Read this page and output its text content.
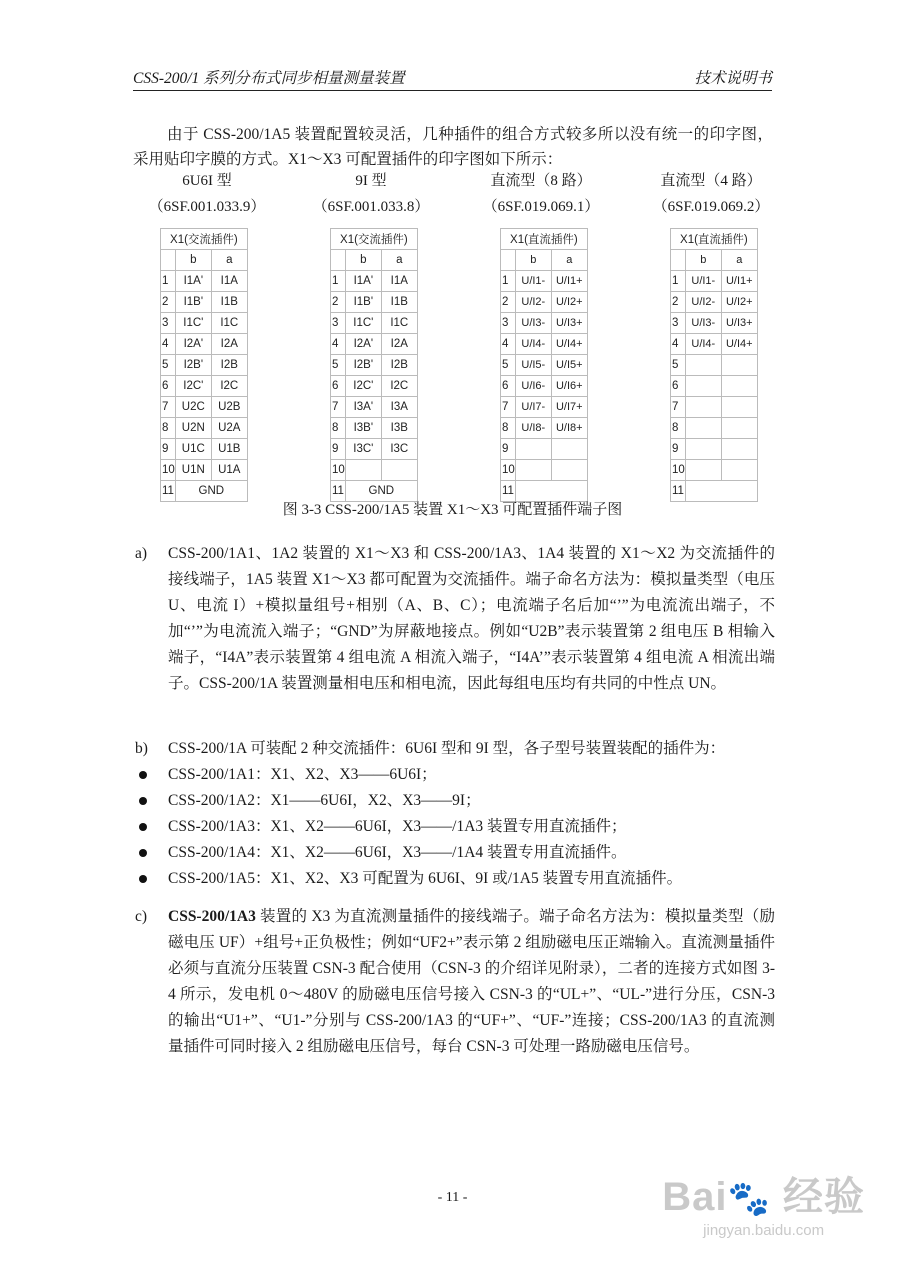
CSS-200/1 系列分布式同步相量测量装置	技术说明书
由于 CSS-200/1A5 装置配置较灵活，几种插件的组合方式较多所以没有统一的印字图，采用贴印字膜的方式。X1～X3 可配置插件的印字图如下所示：
6U6I 型
（6SF.001.033.9）
9I 型
（6SF.001.033.8）
直流型（8 路）
（6SF.019.069.1）
直流型（4 路）
（6SF.019.069.2）
X1(交流插件)		
	b	a
1	I1A'	I1A
2	I1B'	I1B
3	I1C'	I1C
4	I2A'	I2A
5	I2B'	I2B
6	I2C'	I2C
7	U2C	U2B
8	U2N	U2A
9	U1C	U1B
10	U1N	U1A
11	GND	
X1(交流插件)		
	b	a
1	I1A'	I1A
2	I1B'	I1B
3	I1C'	I1C
4	I2A'	I2A
5	I2B'	I2B
6	I2C'	I2C
7	I3A'	I3A
8	I3B'	I3B
9	I3C'	I3C
10		
11	GND	
X1(直流插件)		
	b	a
1	U/I1-	U/I1+
2	U/I2-	U/I2+
3	U/I3-	U/I3+
4	U/I4-	U/I4+
5	U/I5-	U/I5+
6	U/I6-	U/I6+
7	U/I7-	U/I7+
8	U/I8-	U/I8+
9		
10		
11		
X1(直流插件)		
	b	a
1	U/I1-	U/I1+
2	U/I2-	U/I2+
3	U/I3-	U/I3+
4	U/I4-	U/I4+
5		
6		
7		
8		
9		
10		
11		
图 3-3 CSS-200/1A5 装置 X1～X3 可配置插件端子图
a) CSS-200/1A1、1A2 装置的 X1～X3 和 CSS-200/1A3、1A4 装置的 X1～X2 为交流插件的接线端子，1A5 装置 X1～X3 都可配置为交流插件。端子命名方法为：模拟量类型（电压 U、电流 I）+模拟量组号+相别（A、B、C）；电流端子名后加“’”为电流流出端子，不加“’”为电流流入端子；“GND”为屏蔽地接点。例如“U2B”表示装置第 2 组电压 B 相输入端子，“I4A”表示装置第 4 组电流 A 相流入端子，“I4A’”表示装置第 4 组电流 A 相流出端子。CSS-200/1A 装置测量相电压和相电流，因此每组电压均有共同的中性点 UN。
b) CSS-200/1A 可装配 2 种交流插件：6U6I 型和 9I 型，各子型号装置装配的插件为：
CSS-200/1A1：X1、X2、X3——6U6I；
CSS-200/1A2：X1——6U6I，X2、X3——9I；
CSS-200/1A3：X1、X2——6U6I，X3——/1A3 装置专用直流插件；
CSS-200/1A4：X1、X2——6U6I，X3——/1A4 装置专用直流插件。
CSS-200/1A5：X1、X2、X3 可配置为 6U6I、9I 或/1A5 装置专用直流插件。
c) CSS-200/1A3 装置的 X3 为直流测量插件的接线端子。端子命名方法为：模拟量类型（励磁电压 UF）+组号+正负极性；例如“UF2+”表示第 2 组励磁电压正端输入。直流测量插件必须与直流分压装置 CSN-3 配合使用（CSN-3 的介绍详见附录），二者的连接方式如图 3-4 所示，发电机 0～480V 的励磁电压信号接入 CSN-3 的“UL+”、“UL-”进行分压，CSN-3 的输出“U1+”、“U1-”分别与 CSS-200/1A3 的“UF+”、“UF-”连接；CSS-200/1A3 的直流测量插件可同时接入 2 组励磁电压信号，每台 CSN-3 可处理一路励磁电压信号。
- 11 -	Bai🐾 经验
jingyan.baidu.com
